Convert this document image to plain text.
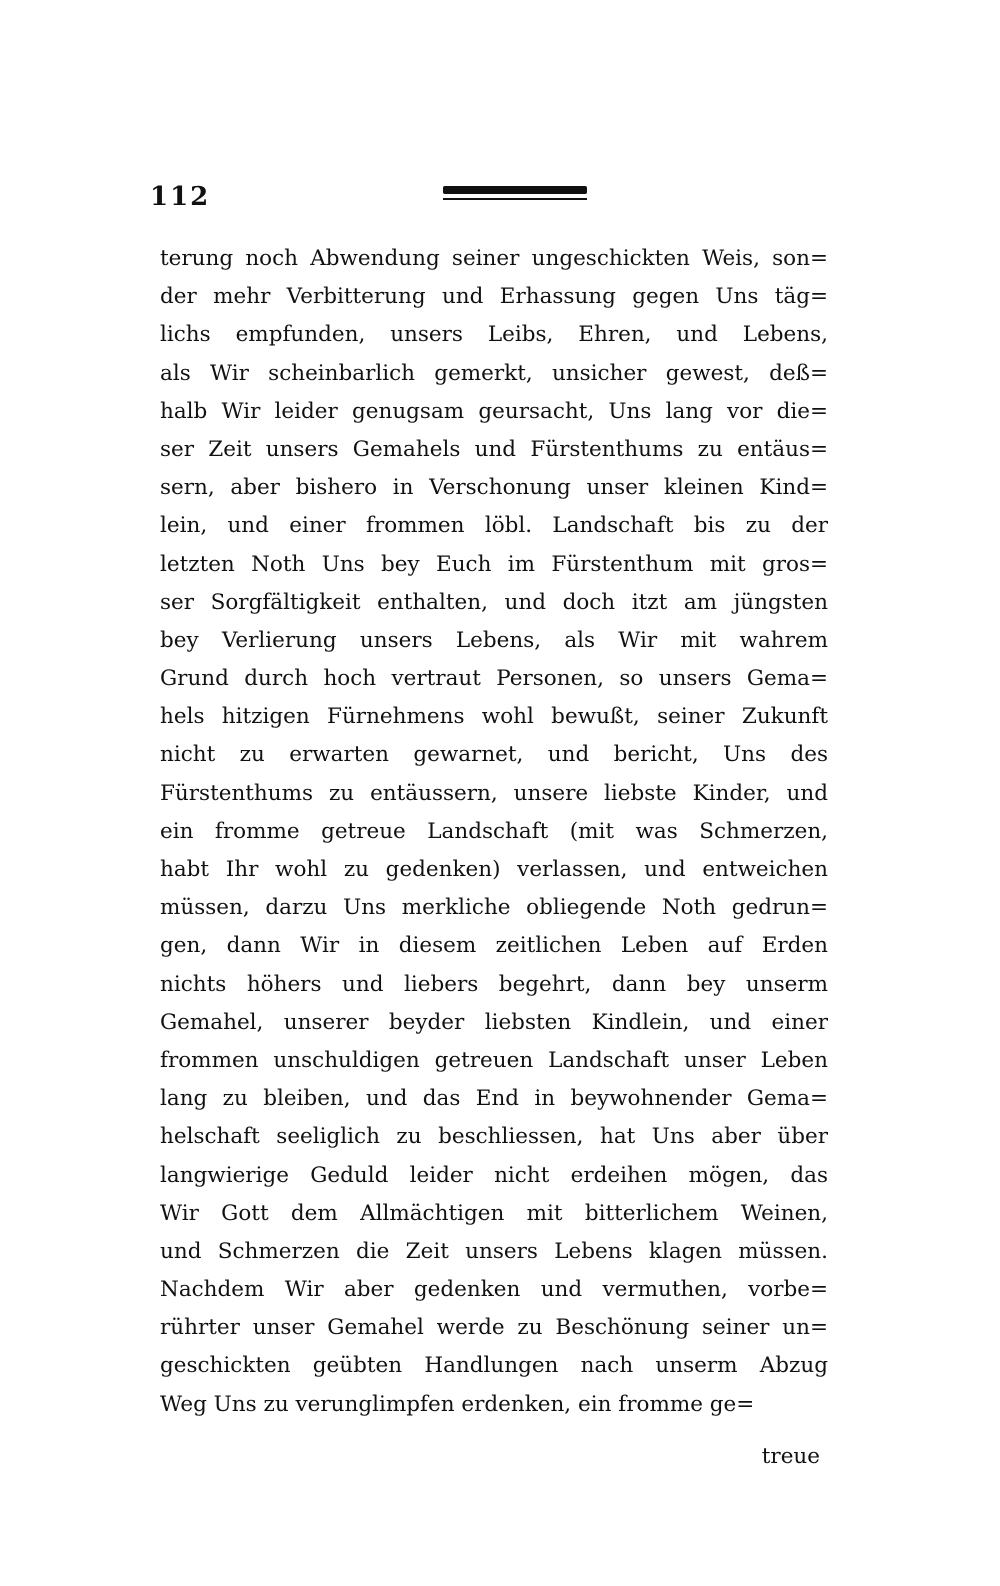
112
terung noch Abwendung seiner ungeschickten Weis, son=
der mehr Verbitterung und Erhassung gegen Uns täg=
lichs empfunden, unsers Leibs, Ehren, und Lebens,
als Wir scheinbarlich gemerkt, unsicher gewest, deß=
halb Wir leider genugsam geursacht, Uns lang vor die=
ser Zeit unsers Gemahels und Fürstenthums zu entäus=
sern, aber bishero in Verschonung unser kleinen Kind=
lein, und einer frommen löbl. Landschaft bis zu der
letzten Noth Uns bey Euch im Fürstenthum mit gros=
ser Sorgfältigkeit enthalten, und doch itzt am jüngsten
bey Verlierung unsers Lebens, als Wir mit wahrem
Grund durch hoch vertraut Personen, so unsers Gema=
hels hitzigen Fürnehmens wohl bewußt, seiner Zukunft
nicht zu erwarten gewarnet, und bericht, Uns des
Fürstenthums zu entäussern, unsere liebste Kinder, und
ein fromme getreue Landschaft (mit was Schmerzen,
habt Ihr wohl zu gedenken) verlassen, und entweichen
müssen, darzu Uns merkliche obliegende Noth gedrun=
gen, dann Wir in diesem zeitlichen Leben auf Erden
nichts höhers und liebers begehrt, dann bey unserm
Gemahel, unserer beyder liebsten Kindlein, und einer
frommen unschuldigen getreuen Landschaft unser Leben
lang zu bleiben, und das End in beywohnender Gema=
helschaft seeliglich zu beschliessen, hat Uns aber über
langwierige Geduld leider nicht erdeihen mögen, das
Wir Gott dem Allmächtigen mit bitterlichem Weinen,
und Schmerzen die Zeit unsers Lebens klagen müssen.
Nachdem Wir aber gedenken und vermuthen, vorbe=
rührter unser Gemahel werde zu Beschönung seiner un=
geschickten geübten Handlungen nach unserm Abzug
Weg Uns zu verunglimpfen erdenken, ein fromme ge=
treue
